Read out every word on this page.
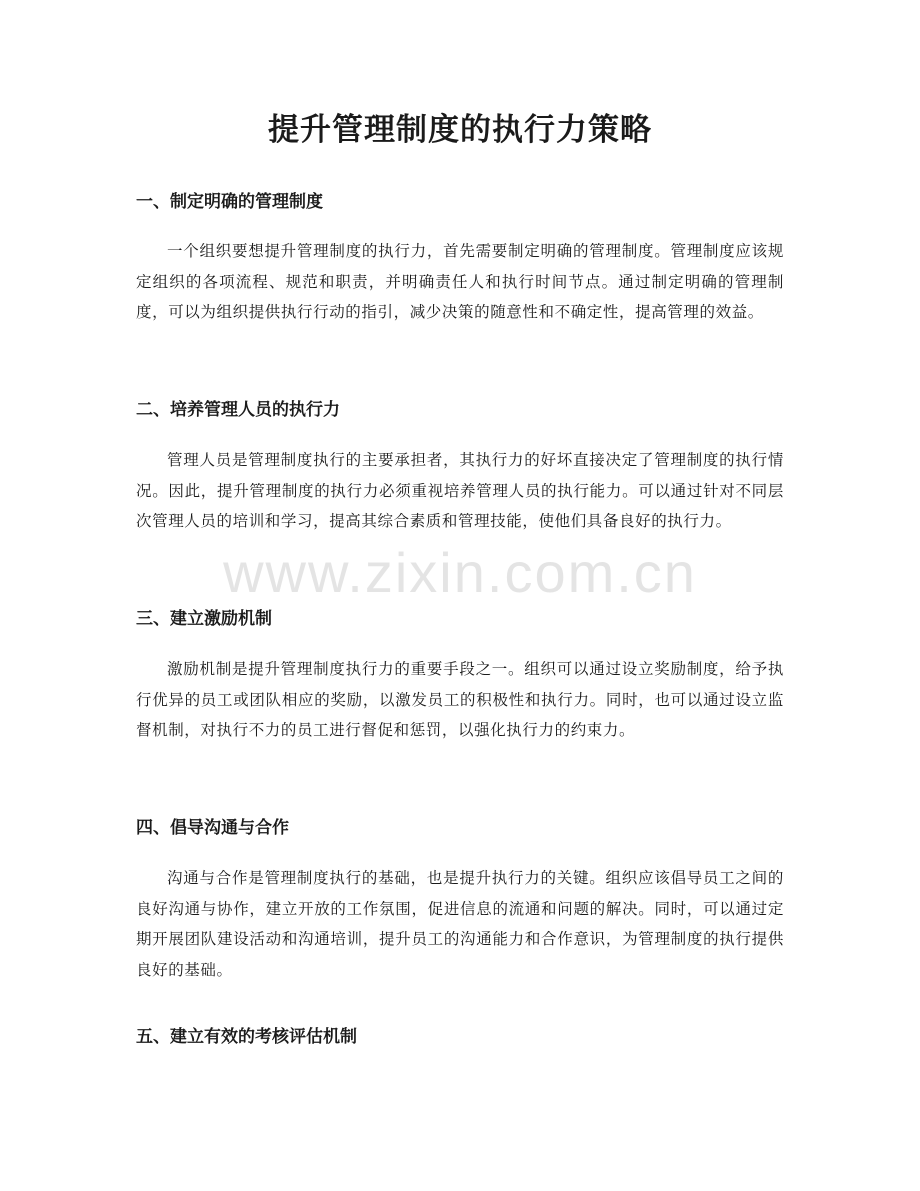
提升管理制度的执行力策略
一、制定明确的管理制度

一个组织要想提升管理制度的执行力，首先需要制定明确的管理制度。管理制度应该规定组织的各项流程、规范和职责，并明确责任人和执行时间节点。通过制定明确的管理制度，可以为组织提供执行行动的指引，减少决策的随意性和不确定性，提高管理的效益。

二、培养管理人员的执行力

管理人员是管理制度执行的主要承担者，其执行力的好坏直接决定了管理制度的执行情况。因此，提升管理制度的执行力必须重视培养管理人员的执行能力。可以通过针对不同层次管理人员的培训和学习，提高其综合素质和管理技能，使他们具备良好的执行力。

三、建立激励机制

激励机制是提升管理制度执行力的重要手段之一。组织可以通过设立奖励制度，给予执行优异的员工或团队相应的奖励，以激发员工的积极性和执行力。同时，也可以通过设立监督机制，对执行不力的员工进行督促和惩罚，以强化执行力的约束力。

四、倡导沟通与合作

沟通与合作是管理制度执行的基础，也是提升执行力的关键。组织应该倡导员工之间的良好沟通与协作，建立开放的工作氛围，促进信息的流通和问题的解决。同时，可以通过定期开展团队建设活动和沟通培训，提升员工的沟通能力和合作意识，为管理制度的执行提供良好的基础。

五、建立有效的考核评估机制
www.zixin.com.cn
